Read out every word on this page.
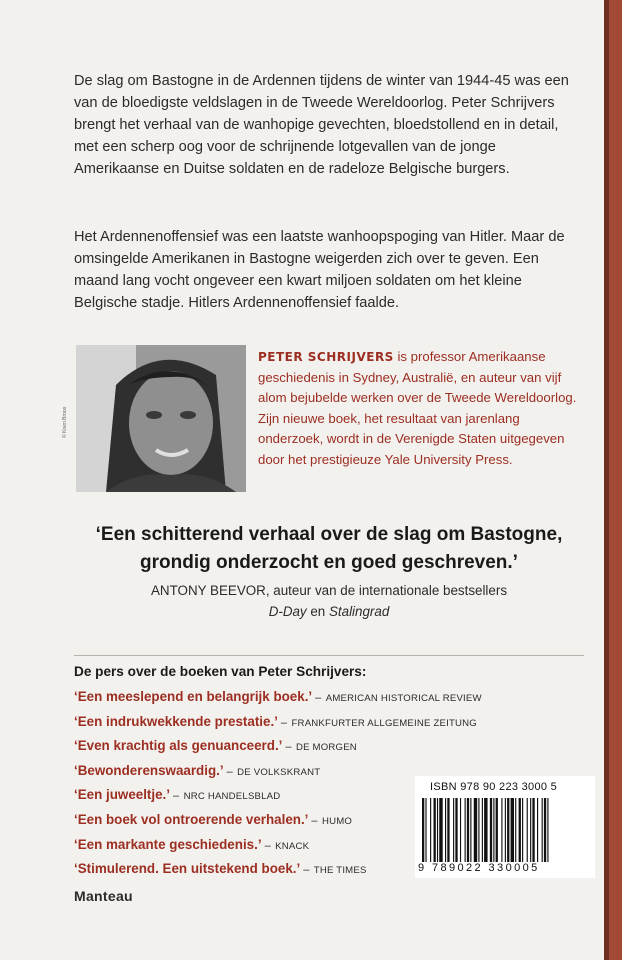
De slag om Bastogne in de Ardennen tijdens de winter van 1944-45 was een van de bloedigste veldslagen in de Tweede Wereldoorlog. Peter Schrijvers brengt het verhaal van de wanhopige gevechten, bloedstollend en in detail, met een scherp oog voor de schrijnende lotgevallen van de jonge Amerikaanse en Duitse soldaten en de radeloze Belgische burgers.

Het Ardennenoffensief was een laatste wanhoopspoging van Hitler. Maar de omsingelde Amerikanen in Bastogne weigerden zich over te geven. Een maand lang vocht ongeveer een kwart miljoen soldaten om het kleine Belgische stadje. Hitlers Ardennenoffensief faalde.

© Koen Broos

PETER SCHRIJVERS is professor Amerikaanse geschiedenis in Sydney, Australië, en auteur van vijf alom bejubelde werken over de Tweede Wereldoorlog. Zijn nieuwe boek, het resultaat van jarenlang onderzoek, wordt in de Verenigde Staten uitgegeven door het prestigieuze Yale University Press.

‘Een schitterend verhaal over de slag om Bastogne,
grondig onderzocht en goed geschreven.’

ANTONY BEEVOR, auteur van de internationale bestsellers
D-Day en Stalingrad

De pers over de boeken van Peter Schrijvers:
‘Een meeslepend en belangrijk boek.’ – AMERICAN HISTORICAL REVIEW
‘Een indrukwekkende prestatie.’ – FRANKFURTER ALLGEMEINE ZEITUNG
‘Even krachtig als genuanceerd.’ – DE MORGEN
‘Bewonderenswaardig.’ – DE VOLKSKRANT
‘Een juweeltje.’ – NRC HANDELSBLAD
‘Een boek vol ontroerende verhalen.’ – HUMO
‘Een markante geschiedenis.’ – KNACK
‘Stimulerend. Een uitstekend boek.’ – THE TIMES
Manteau
ISBN 978 90 223 3000 5
9 789022 330005
